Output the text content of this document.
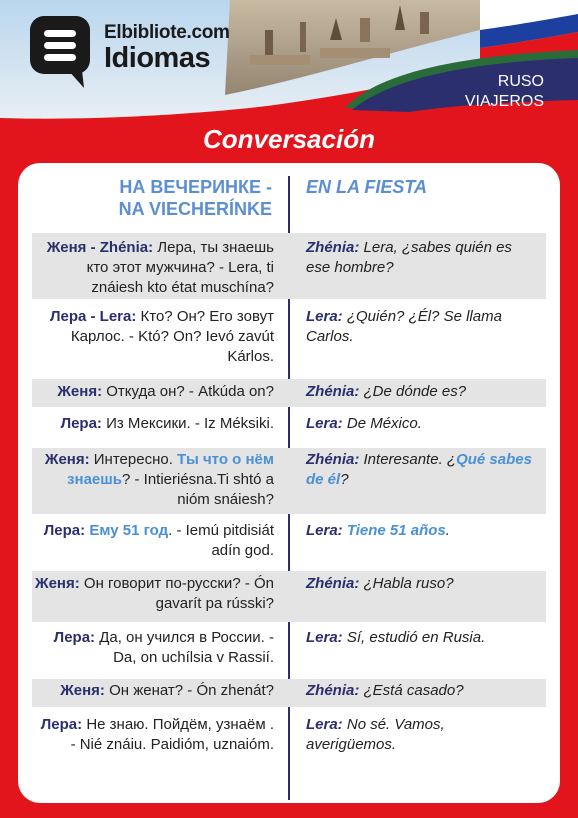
Elbibliote.com
Idiomas
RUSO
VIAJEROS
Conversación
НА ВЕЧЕРИНКЕ -
NA VIECHERÍNKE
EN LA FIESTA
Женя - Zhénia: Лера, ты знаешь кто этот мужчина? - Lera, ti znáiesh kto état muschína?
Zhénia: Lera, ¿sabes quién es ese hombre?
Лера - Lera: Кто? Он? Его зовут Карлос. - Któ? On? Ievó zavút Kárlos.
Lera: ¿Quién? ¿Él? Se llama Carlos.
Женя: Откуда он? - Atkúda on? Zhénia: ¿De dónde es?
Лера: Из Мексики. - Iz Méksiki. Lera: De México.
Женя: Интересно. Ты что о нём знаешь? - Intieriésna.Ti shtó a nióm snáiesh?
Zhénia: Interesante. ¿Qué sabes de él?
Лера: Ему 51 год. - Iemú pitdisiát adín god.
Lera: Tiene 51 años.
Женя: Он говорит по-русски? - Ón gavarít pa rússki?
Zhénia: ¿Habla ruso?
Лера: Да, он учился в России. - Da, on uchílsia v Rassií.
Lera: Sí, estudió en Rusia.
Женя: Он женат? - Ón zhenát? Zhénia: ¿Está casado?
Лера: Не знаю. Пойдём, узнаём . - Nié znáiu. Paidióm, uznaióm.
Lera: No sé. Vamos, averigüemos.
